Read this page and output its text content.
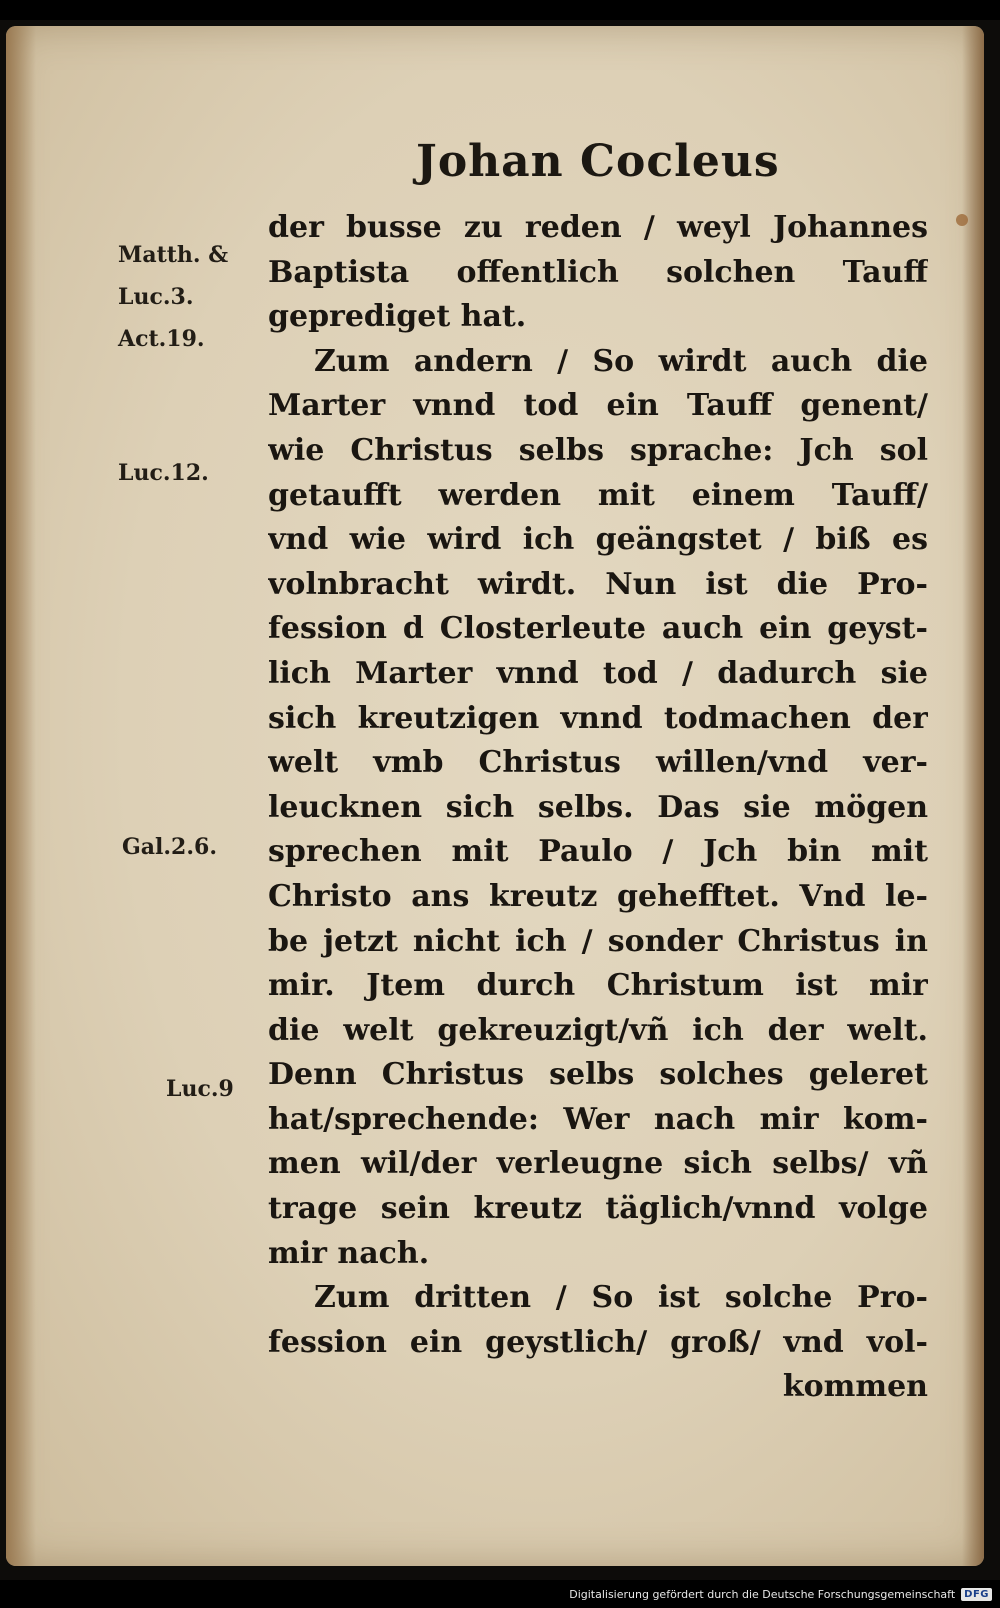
Johan Cocleus
Matth. &
Luc.3.
Act.19.
Luc.12.
Gal.2.6.
Luc.9
der busse zu reden / weyl Johannes
Baptista offentlich solchen Tauff
geprediget hat.
Zum andern / So wirdt auch die
Marter vnnd tod ein Tauff genent/
wie Christus selbs sprache: Jch sol
getaufft werden mit einem Tauff/
vnd wie wird ich geängstet / biß es
volnbracht wirdt. Nun ist die Pro-
fession d Closterleute auch ein geyst-
lich Marter vnnd tod / dadurch sie
sich kreutzigen vnnd todmachen der
welt vmb Christus willen/vnd ver-
leucknen sich selbs. Das sie mögen
sprechen mit Paulo / Jch bin mit
Christo ans kreutz gehefftet. Vnd le-
be jetzt nicht ich / sonder Christus in
mir. Jtem durch Christum ist mir
die welt gekreuzigt/vñ ich der welt.
Denn Christus selbs solches geleret
hat/sprechende: Wer nach mir kom-
men wil/der verleugne sich selbs/ vñ
trage sein kreutz täglich/vnnd volge
mir nach.
Zum dritten / So ist solche Pro-
fession ein geystlich/ groß/ vnd vol-
kommen
Digitalisierung gefördert durch die Deutsche Forschungsgemeinschaft DFG
